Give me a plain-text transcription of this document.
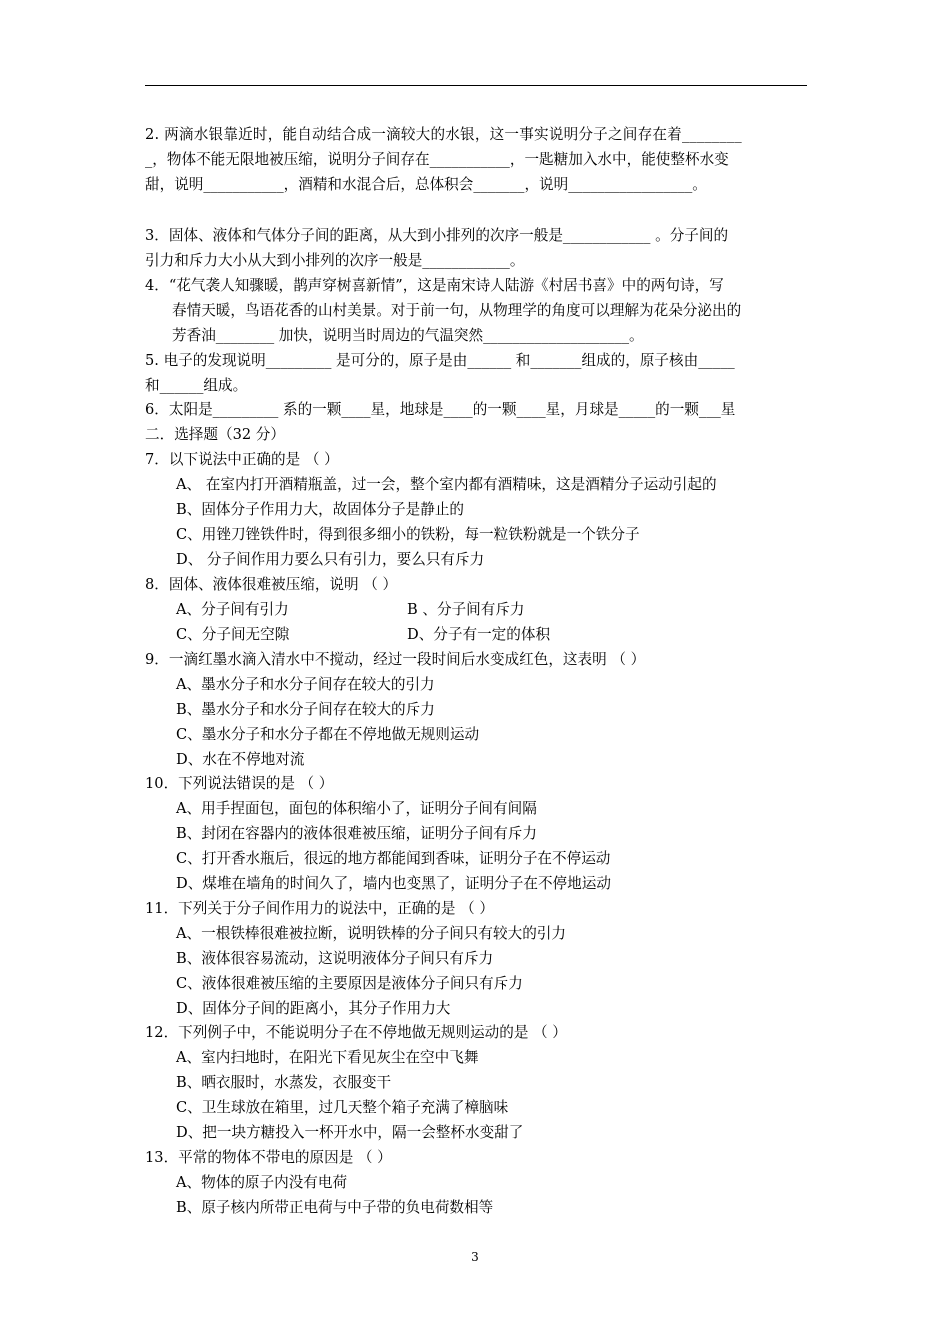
2. 两滴水银靠近时，能自动结合成一滴较大的水银，这一事实说明分子之间存在着________
_，物体不能无限地被压缩，说明分子间存在___________，一匙糖加入水中，能使整杯水变
甜，说明___________，酒精和水混合后，总体积会_______，说明_________________。
3．固体、液体和气体分子间的距离，从大到小排列的次序一般是____________ 。分子间的
引力和斥力大小从大到小排列的次序一般是____________。
4．“花气袭人知骤暖，鹊声穿树喜新情”，这是南宋诗人陆游《村居书喜》中的两句诗，写
春情天暖，鸟语花香的山村美景。对于前一句，从物理学的角度可以理解为花朵分泌出的
芳香油________ 加快，说明当时周边的气温突然____________________。
5. 电子的发现说明_________ 是可分的，原子是由______ 和_______组成的，原子核由_____
和______组成。
6．太阳是_________ 系的一颗____星，地球是____的一颗____星，月球是_____的一颗___星
二．选择题（32 分）
7．以下说法中正确的是 （ ）
A、 在室内打开酒精瓶盖，过一会，整个室内都有酒精味，这是酒精分子运动引起的
B、固体分子作用力大，故固体分子是静止的
C、用锉刀锉铁件时，得到很多细小的铁粉，每一粒铁粉就是一个铁分子
D、 分子间作用力要么只有引力，要么只有斥力
8．固体、液体很难被压缩，说明 （ ）
A、分子间有引力	B 、分子间有斥力
C、分子间无空隙	D、分子有一定的体积
9．一滴红墨水滴入清水中不搅动，经过一段时间后水变成红色，这表明 （ ）
A、墨水分子和水分子间存在较大的引力
B、墨水分子和水分子间存在较大的斥力
C、墨水分子和水分子都在不停地做无规则运动
D、水在不停地对流
10．下列说法错误的是 （ ）
A、用手捏面包，面包的体积缩小了，证明分子间有间隔
B、封闭在容器内的液体很难被压缩，证明分子间有斥力
C、打开香水瓶后，很远的地方都能闻到香味，证明分子在不停运动
D、煤堆在墙角的时间久了，墙内也变黑了，证明分子在不停地运动
11．下列关于分子间作用力的说法中，正确的是 （ ）
A、一根铁棒很难被拉断，说明铁棒的分子间只有较大的引力
B、液体很容易流动，这说明液体分子间只有斥力
C、液体很难被压缩的主要原因是液体分子间只有斥力
D、固体分子间的距离小，其分子作用力大
12．下列例子中，不能说明分子在不停地做无规则运动的是 （ ）
A、室内扫地时，在阳光下看见灰尘在空中飞舞
B、晒衣服时，水蒸发，衣服变干
C、卫生球放在箱里，过几天整个箱子充满了樟脑味
D、把一块方糖投入一杯开水中，隔一会整杯水变甜了
13．平常的物体不带电的原因是 （ ）
A、物体的原子内没有电荷
B、原子核内所带正电荷与中子带的负电荷数相等
3
